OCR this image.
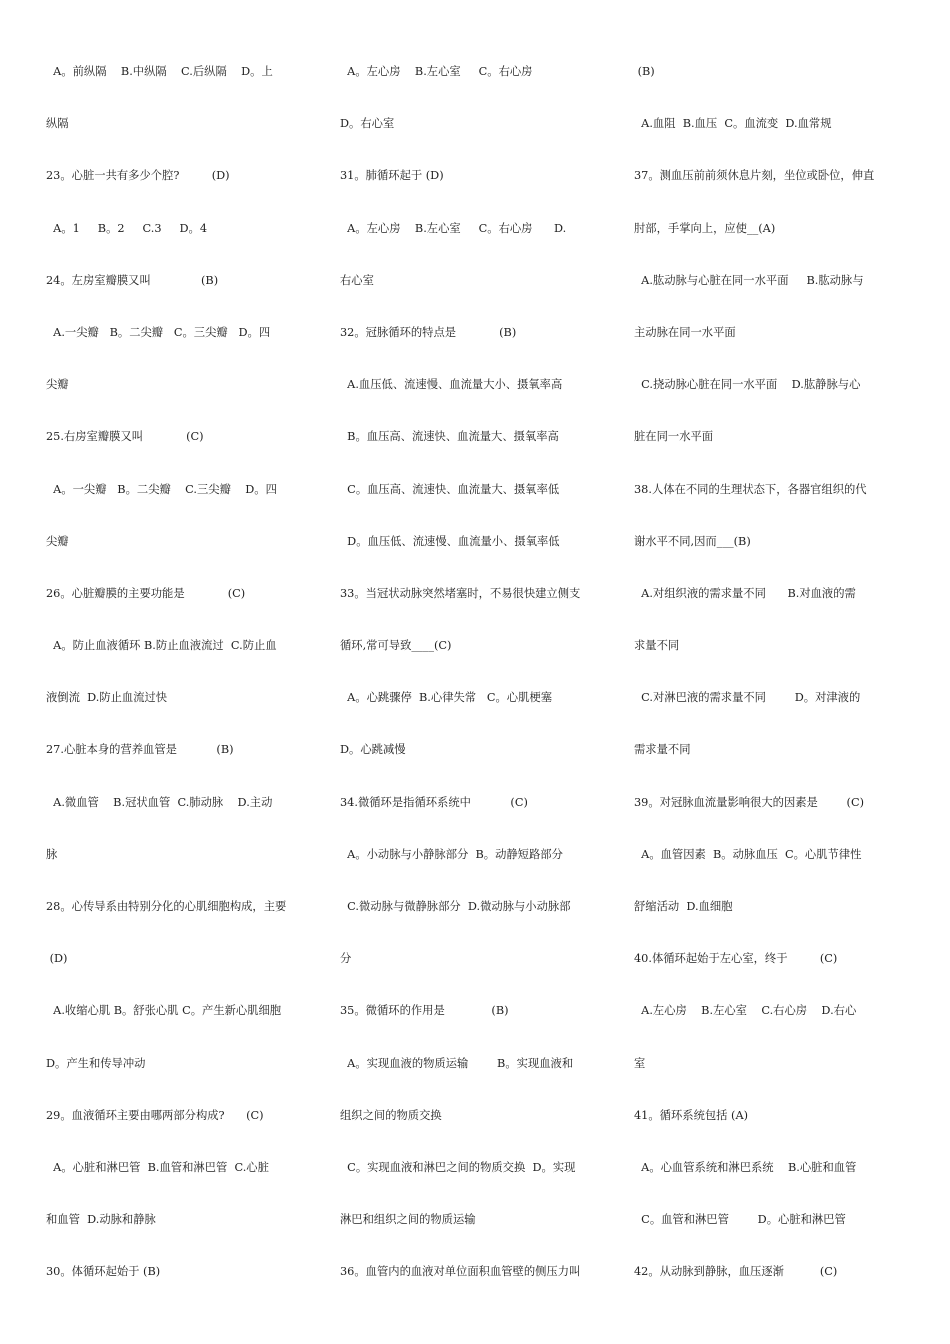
A。前纵隔    B.中纵隔    C.后纵隔    D。上
纵隔
23。心脏一共有多少个腔?         (D)
A。1     B。2     C.3     D。4
24。左房室瓣膜又叫              (B)
A.一尖瓣   B。二尖瓣   C。三尖瓣   D。四
尖瓣
25.右房室瓣膜又叫            (C)
A。一尖瓣   B。二尖瓣    C.三尖瓣    D。四
尖瓣
26。心脏瓣膜的主要功能是            (C)
A。防止血液循环 B.防止血液流过  C.防止血
液倒流  D.防止血流过快
27.心脏本身的营养血管是           (B)
A.微血管    B.冠状血管  C.肺动脉    D.主动
脉
28。心传导系由特别分化的心肌细胞构成，主要
(D)
A.收缩心肌 B。舒张心肌 C。产生新心肌细胞
D。产生和传导冲动
29。血液循环主要由哪两部分构成?      (C)
A。心脏和淋巴管  B.血管和淋巴管  C.心脏
和血管  D.动脉和静脉
30。体循环起始于 (B)
A。左心房    B.左心室     C。右心房
D。右心室
31。肺循环起于 (D)
A。左心房    B.左心室     C。右心房      D.
右心室
32。冠脉循环的特点是            (B)
A.血压低、流速慢、血流量大小、摄氧率高
B。血压高、流速快、血流量大、摄氧率高
C。血压高、流速快、血流量大、摄氧率低
D。血压低、流速慢、血流量小、摄氧率低
33。当冠状动脉突然堵塞时，不易很快建立侧支
循环,常可导致____(C)
A。心跳骤停  B.心律失常   C。心肌梗塞
D。心跳减慢
34.微循环是指循环系统中           (C)
A。小动脉与小静脉部分  B。动静短路部分
C.微动脉与微静脉部分  D.微动脉与小动脉部
分
35。微循环的作用是             (B)
A。实现血液的物质运输        B。实现血液和
组织之间的物质交换
C。实现血液和淋巴之间的物质交换  D。实现
淋巴和组织之间的物质运输
36。血管内的血液对单位面积血管壁的侧压力叫
(B)
A.血阻  B.血压  C。血流变  D.血常规
37。测血压前前须休息片刻，坐位或卧位，伸直
肘部，手掌向上，应使__(A)
A.肱动脉与心脏在同一水平面     B.肱动脉与
主动脉在同一水平面
C.挠动脉心脏在同一水平面    D.肱静脉与心
脏在同一水平面
38.人体在不同的生理状态下，各器官组织的代
谢水平不同,因而___(B)
A.对组织液的需求量不同      B.对血液的需
求量不同
C.对淋巴液的需求量不同        D。对津液的
需求量不同
39。对冠脉血流量影响很大的因素是        (C)
A。血管因素  B。动脉血压  C。心肌节律性
舒缩活动  D.血细胞
40.体循环起始于左心室，终于         (C)
A.左心房    B.左心室    C.右心房    D.右心
室
41。循环系统包括 (A)
A。心血管系统和淋巴系统    B.心脏和血管
C。血管和淋巴管        D。心脏和淋巴管
42。从动脉到静脉，血压逐渐          (C)
